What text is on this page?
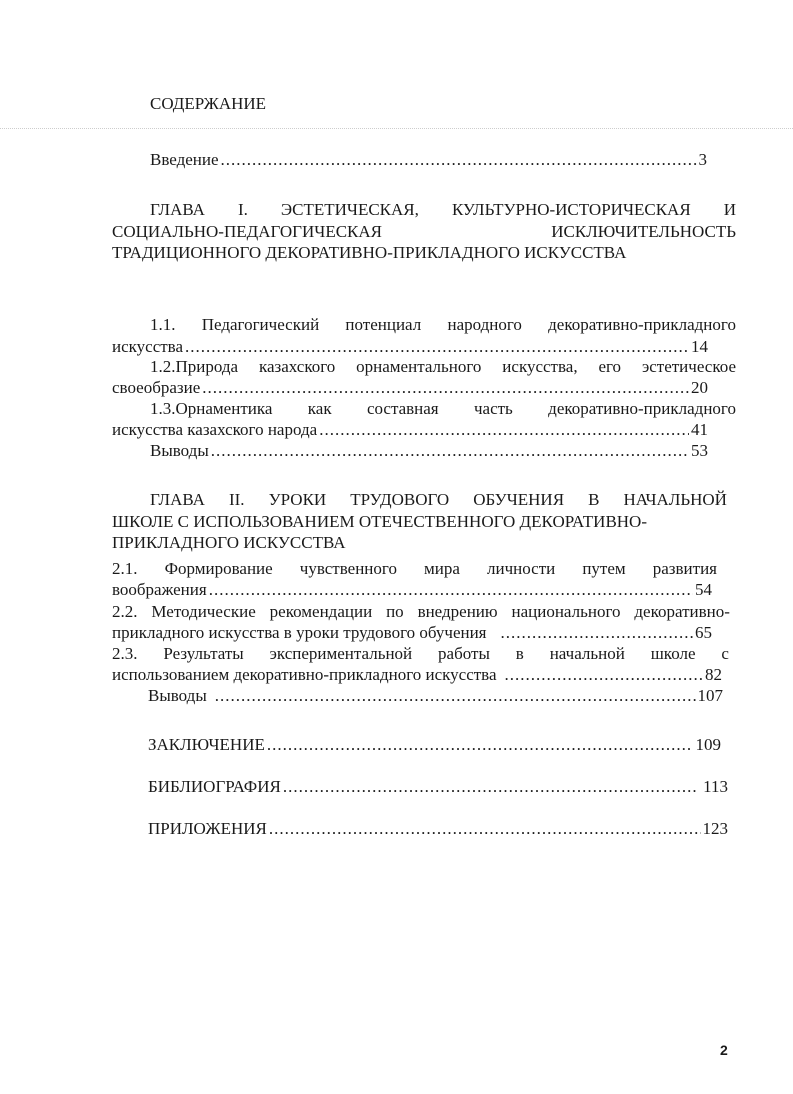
СОДЕРЖАНИЕ
Введение .....	3
ГЛАВА I. ЭСТЕТИЧЕСКАЯ, КУЛЬТУРНО-ИСТОРИЧЕСКАЯ И
СОЦИАЛЬНО-ПЕДАГОГИЧЕСКАЯ	ИСКЛЮЧИТЕЛЬНОСТЬ
ТРАДИЦИОННОГО ДЕКОРАТИВНО-ПРИКЛАДНОГО ИСКУССТВА
1.1. Педагогический потенциал народного декоративно-прикладного
искусства .....	14
1.2.Природа казахского орнаментального искусства, его эстетическое
своеобразие .....	20
1.3.Орнаментика как составная часть декоративно-прикладного
искусства казахского народа .....	41
Выводы .....	53
ГЛАВА II. УРОКИ ТРУДОВОГО ОБУЧЕНИЯ В НАЧАЛЬНОЙ
ШКОЛЕ С ИСПОЛЬЗОВАНИЕМ ОТЕЧЕСТВЕННОГО ДЕКОРАТИВНО-
ПРИКЛАДНОГО ИСКУССТВА
2.1. Формирование чувственного мира личности путем развития
воображения .....	54
2.2. Методические рекомендации по внедрению национального декоративно-
прикладного искусства в уроки трудового обучения .....	65
2.3. Результаты экспериментальной работы в начальной школе с
использованием декоративно-прикладного искусства .....	82
Выводы .....	107
ЗАКЛЮЧЕНИЕ .....	109
БИБЛИОГРАФИЯ .....	113
ПРИЛОЖЕНИЯ .....	123
2
